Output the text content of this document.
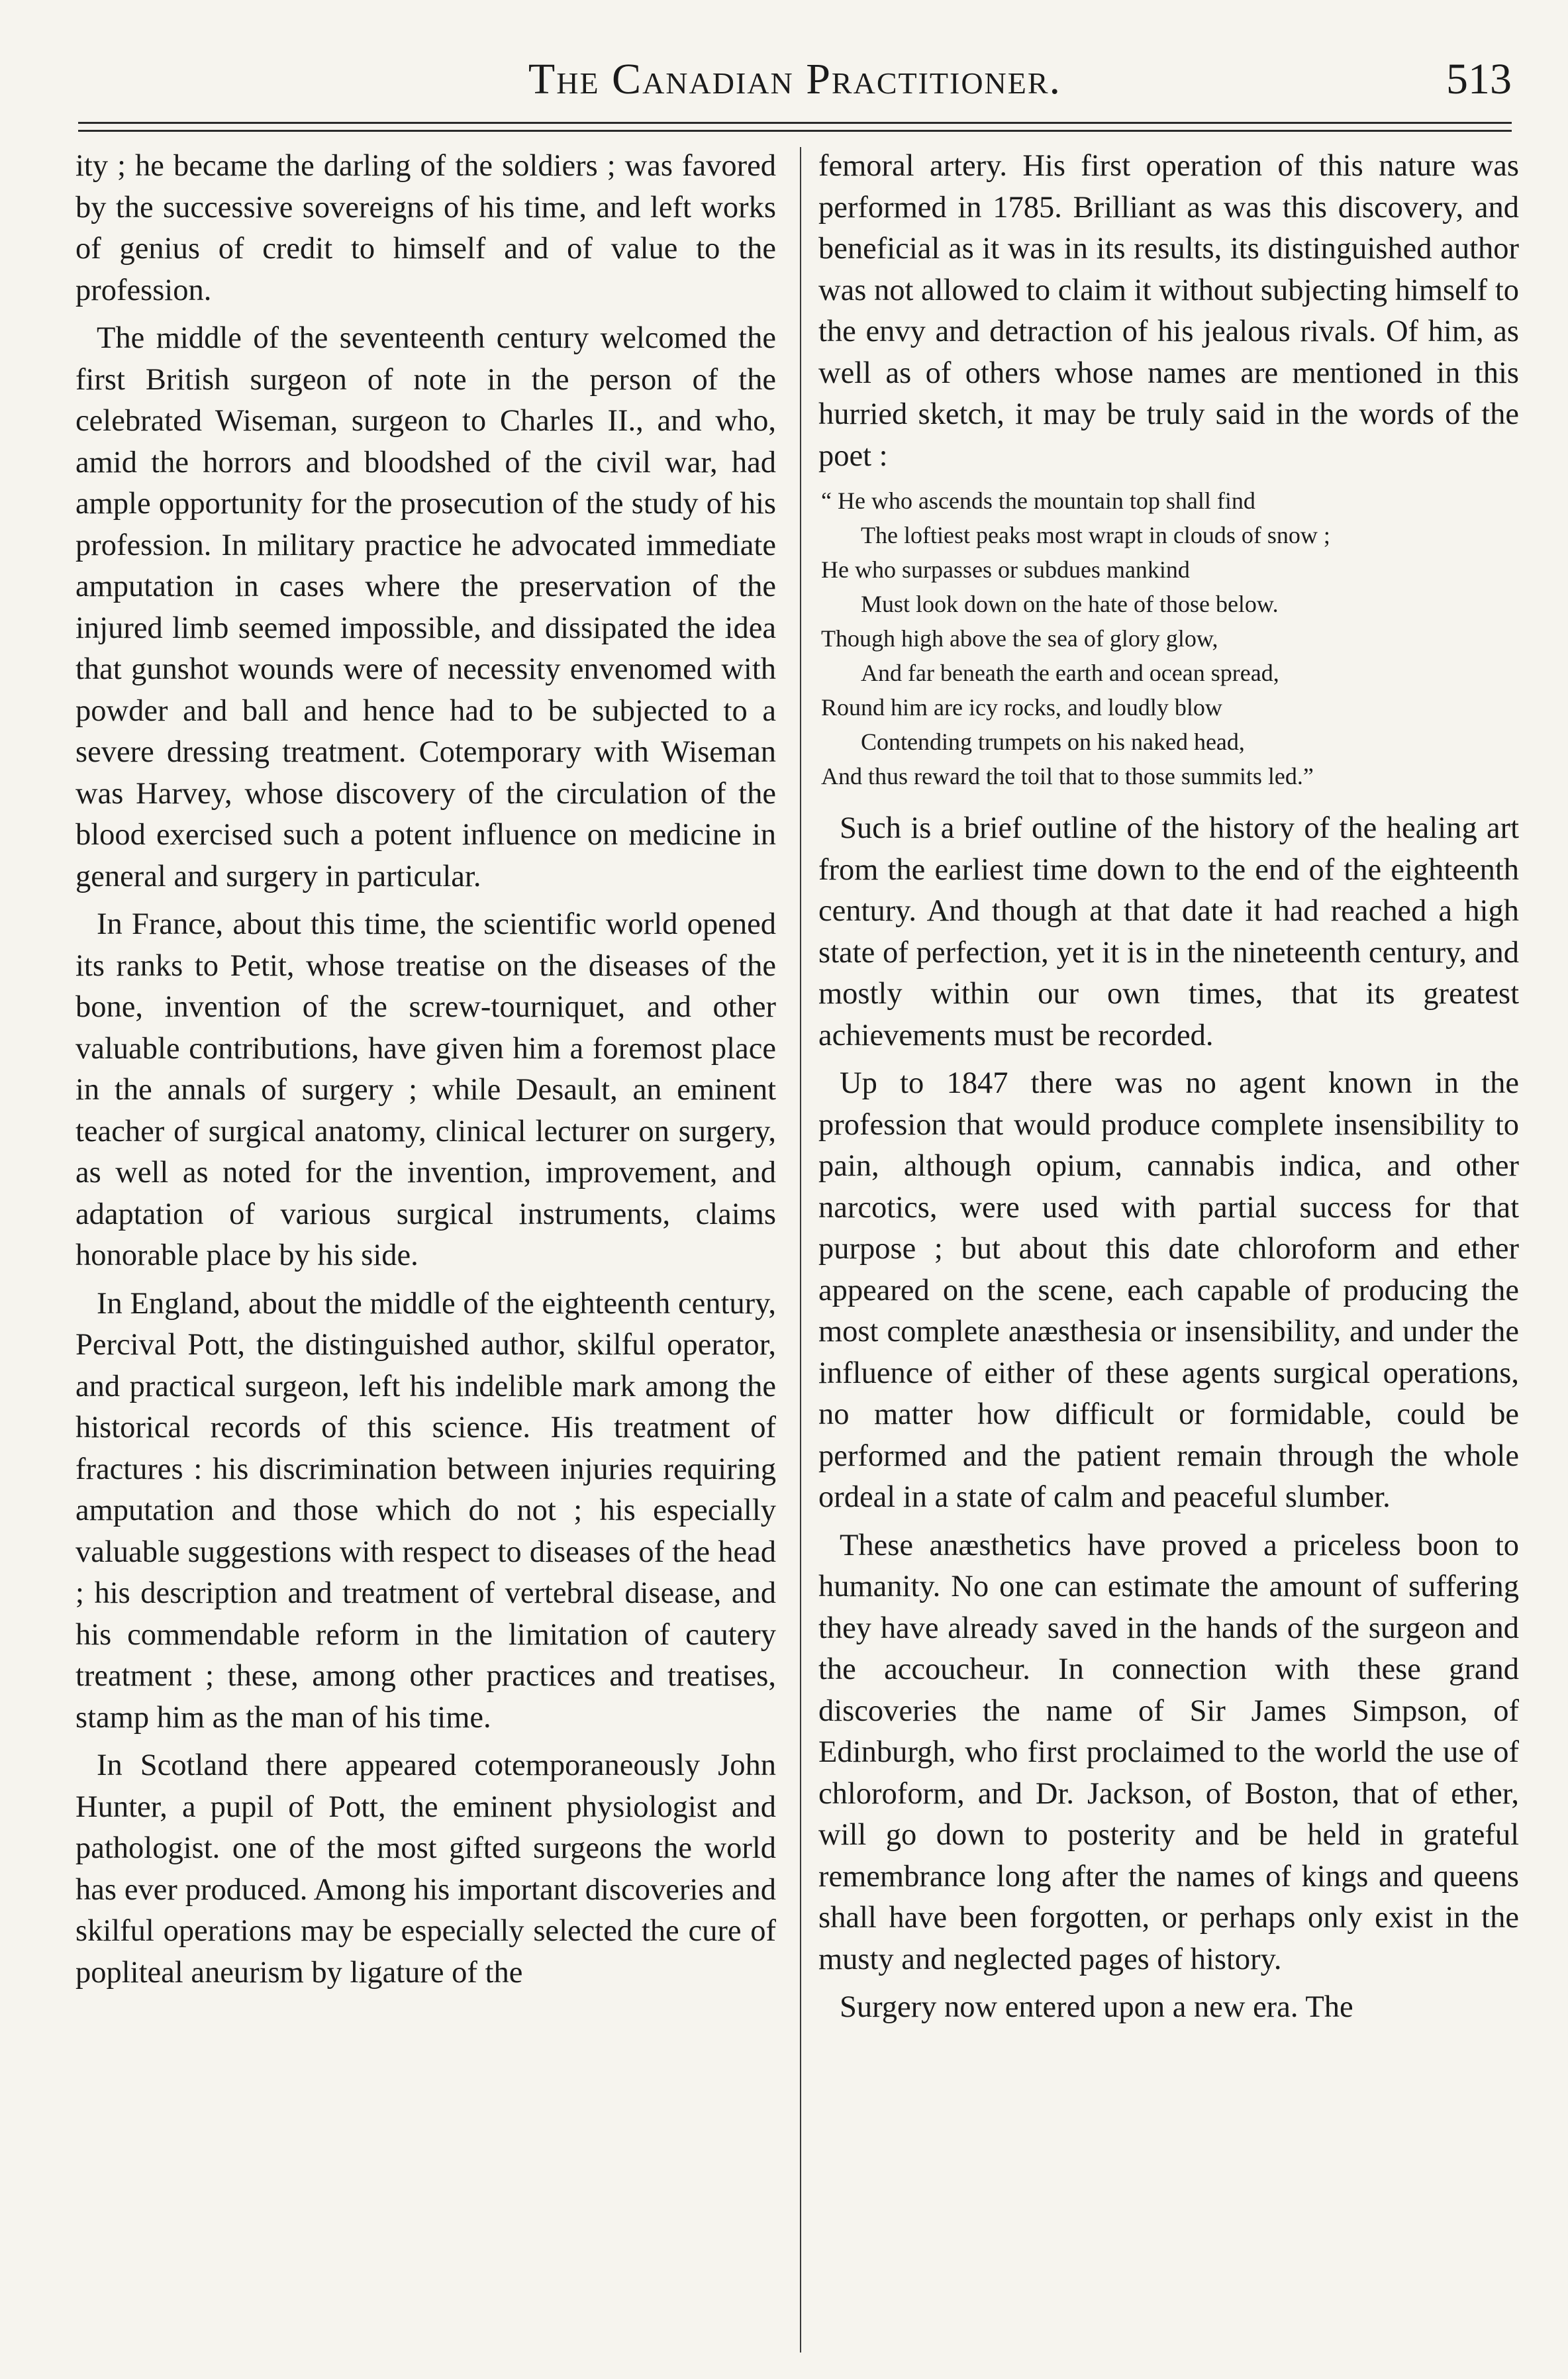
The Canadian Practitioner.	513

ity ; he became the darling of the soldiers ; was favored by the successive sovereigns of his time, and left works of genius of credit to himself and of value to the profession.

The middle of the seventeenth century welcomed the first British surgeon of note in the person of the celebrated Wiseman, surgeon to Charles II., and who, amid the horrors and bloodshed of the civil war, had ample opportunity for the prosecution of the study of his profession. In military practice he advocated immediate amputation in cases where the preservation of the injured limb seemed impossible, and dissipated the idea that gunshot wounds were of necessity envenomed with powder and ball and hence had to be subjected to a severe dressing treatment. Cotemporary with Wiseman was Harvey, whose discovery of the circulation of the blood exercised such a potent influence on medicine in general and surgery in particular.

In France, about this time, the scientific world opened its ranks to Petit, whose treatise on the diseases of the bone, invention of the screw-tourniquet, and other valuable contributions, have given him a foremost place in the annals of surgery ; while Desault, an eminent teacher of surgical anatomy, clinical lecturer on surgery, as well as noted for the invention, improvement, and adaptation of various surgical instruments, claims honorable place by his side.

In England, about the middle of the eighteenth century, Percival Pott, the distinguished author, skilful operator, and practical surgeon, left his indelible mark among the historical records of this science. His treatment of fractures : his discrimination between injuries requiring amputation and those which do not ; his especially valuable suggestions with respect to diseases of the head ; his description and treatment of vertebral disease, and his commendable reform in the limitation of cautery treatment ; these, among other practices and treatises, stamp him as the man of his time.

In Scotland there appeared cotemporaneously John Hunter, a pupil of Pott, the eminent physiologist and pathologist. one of the most gifted surgeons the world has ever produced. Among his important discoveries and skilful operations may be especially selected the cure of popliteal aneurism by ligature of the

femoral artery. His first operation of this nature was performed in 1785. Brilliant as was this discovery, and beneficial as it was in its results, its distinguished author was not allowed to claim it without subjecting himself to the envy and detraction of his jealous rivals. Of him, as well as of others whose names are mentioned in this hurried sketch, it may be truly said in the words of the poet :

“ He who ascends the mountain top shall find
The loftiest peaks most wrapt in clouds of snow ;
He who surpasses or subdues mankind
Must look down on the hate of those below.
Though high above the sea of glory glow,
And far beneath the earth and ocean spread,
Round him are icy rocks, and loudly blow
Contending trumpets on his naked head,
And thus reward the toil that to those summits led.”

Such is a brief outline of the history of the healing art from the earliest time down to the end of the eighteenth century. And though at that date it had reached a high state of perfection, yet it is in the nineteenth century, and mostly within our own times, that its greatest achievements must be recorded.

Up to 1847 there was no agent known in the profession that would produce complete insensibility to pain, although opium, cannabis indica, and other narcotics, were used with partial success for that purpose ; but about this date chloroform and ether appeared on the scene, each capable of producing the most complete anæsthesia or insensibility, and under the influence of either of these agents surgical operations, no matter how difficult or formidable, could be performed and the patient remain through the whole ordeal in a state of calm and peaceful slumber.

These anæsthetics have proved a priceless boon to humanity. No one can estimate the amount of suffering they have already saved in the hands of the surgeon and the accoucheur. In connection with these grand discoveries the name of Sir James Simpson, of Edinburgh, who first proclaimed to the world the use of chloroform, and Dr. Jackson, of Boston, that of ether, will go down to posterity and be held in grateful remembrance long after the names of kings and queens shall have been forgotten, or perhaps only exist in the musty and neglected pages of history.

Surgery now entered upon a new era. The
